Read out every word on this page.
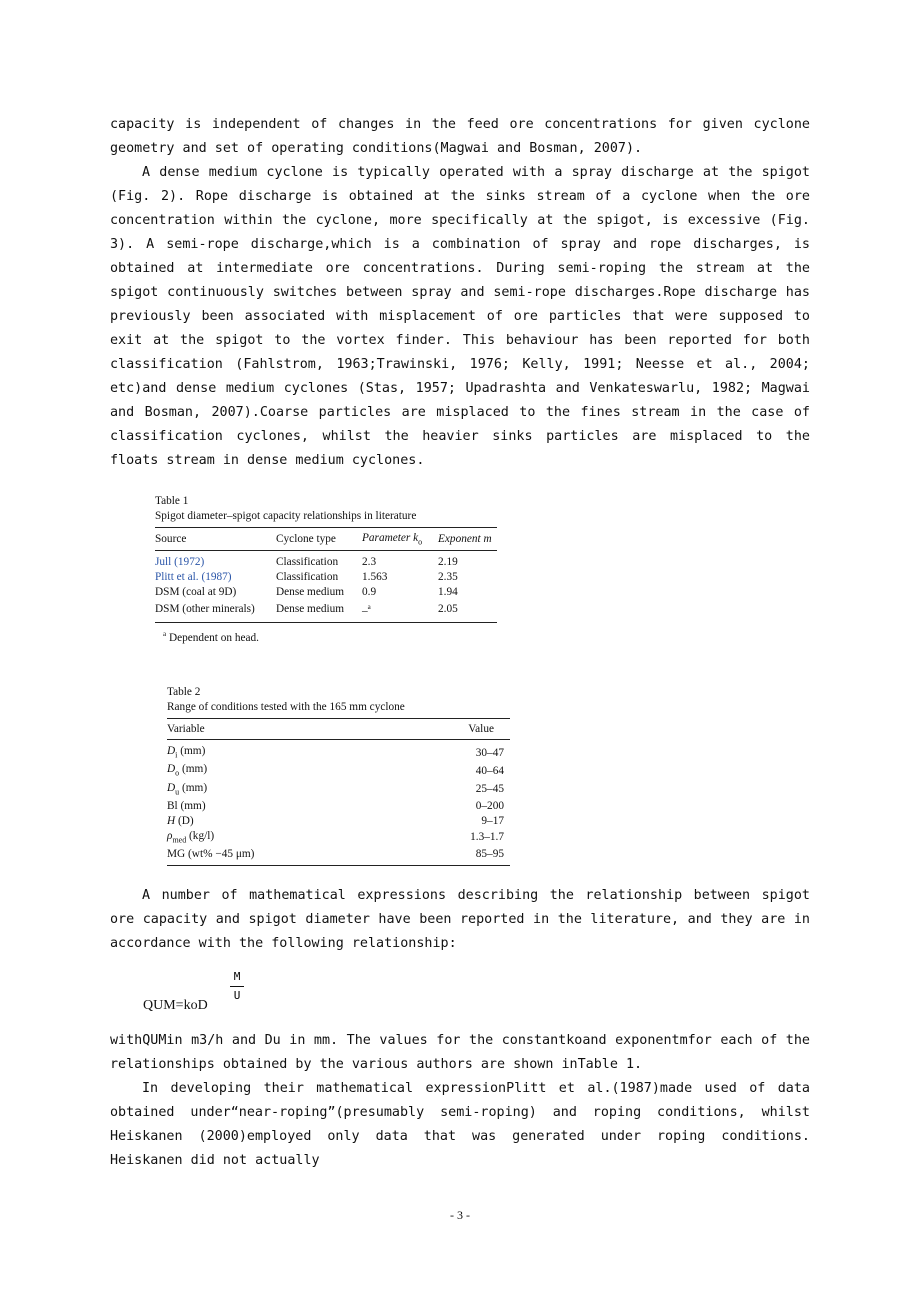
capacity is independent of changes in the feed ore concentrations for given cyclone geometry and set of operating conditions(Magwai and Bosman, 2007).

A dense medium cyclone is typically operated with a spray discharge at the spigot (Fig. 2). Rope discharge is obtained at the sinks stream of a cyclone when the ore concentration within the cyclone, more specifically at the spigot, is excessive (Fig. 3). A semi-rope discharge,which is a combination of spray and rope discharges, is obtained at intermediate ore concentrations. During semi-roping the stream at the spigot continuously switches between spray and semi-rope discharges.Rope discharge has previously been associated with misplacement of ore particles that were supposed to exit at the spigot to the vortex finder. This behaviour has been reported for both classification (Fahlstrom, 1963;Trawinski, 1976; Kelly, 1991; Neesse et al., 2004; etc)and dense medium cyclones (Stas, 1957; Upadrashta and Venkateswarlu, 1982; Magwai and Bosman, 2007).Coarse particles are misplaced to the fines stream in the case of classification cyclones, whilst the heavier sinks particles are misplaced to the floats stream in dense medium cyclones.

Table 1
Spigot diameter–spigot capacity relationships in literature
Source	Cyclone type	Parameter $k_o$	Exponent m
Jull (1972)	Classification	2.3	2.19
Plitt et al. (1987)	Classification	1.563	2.35
DSM (coal at 9D)	Dense medium	0.9	1.94
DSM (other minerals)	Dense medium	–$^a$	2.05
$^a$ Dependent on head.
Table 2
Range of conditions tested with the 165 mm cyclone
Variable	Value
$D_i$ (mm)	30–47
$D_o$ (mm)	40–64
$D_u$ (mm)	25–45
Bl (mm)	0–200
H (D)	9–17
$\rho_{med}$ (kg/l)	1.3–1.7
MG (wt% −45 μm)	85–95

A number of mathematical expressions describing the relationship between spigot ore capacity and spigot diameter have been reported in the literature, and they are in accordance with the following relationship:

M
U
QUM=koD

withQUMin m3/h and Du in mm. The values for the constantkoand exponentmfor each of the relationships obtained by the various authors are shown inTable 1.

In developing their mathematical expressionPlitt et al.(1987)made used of data obtained under“near-roping”(presumably semi-roping) and roping conditions, whilst Heiskanen (2000)employed only data that was generated under roping conditions. Heiskanen did not actually

- 3 -
